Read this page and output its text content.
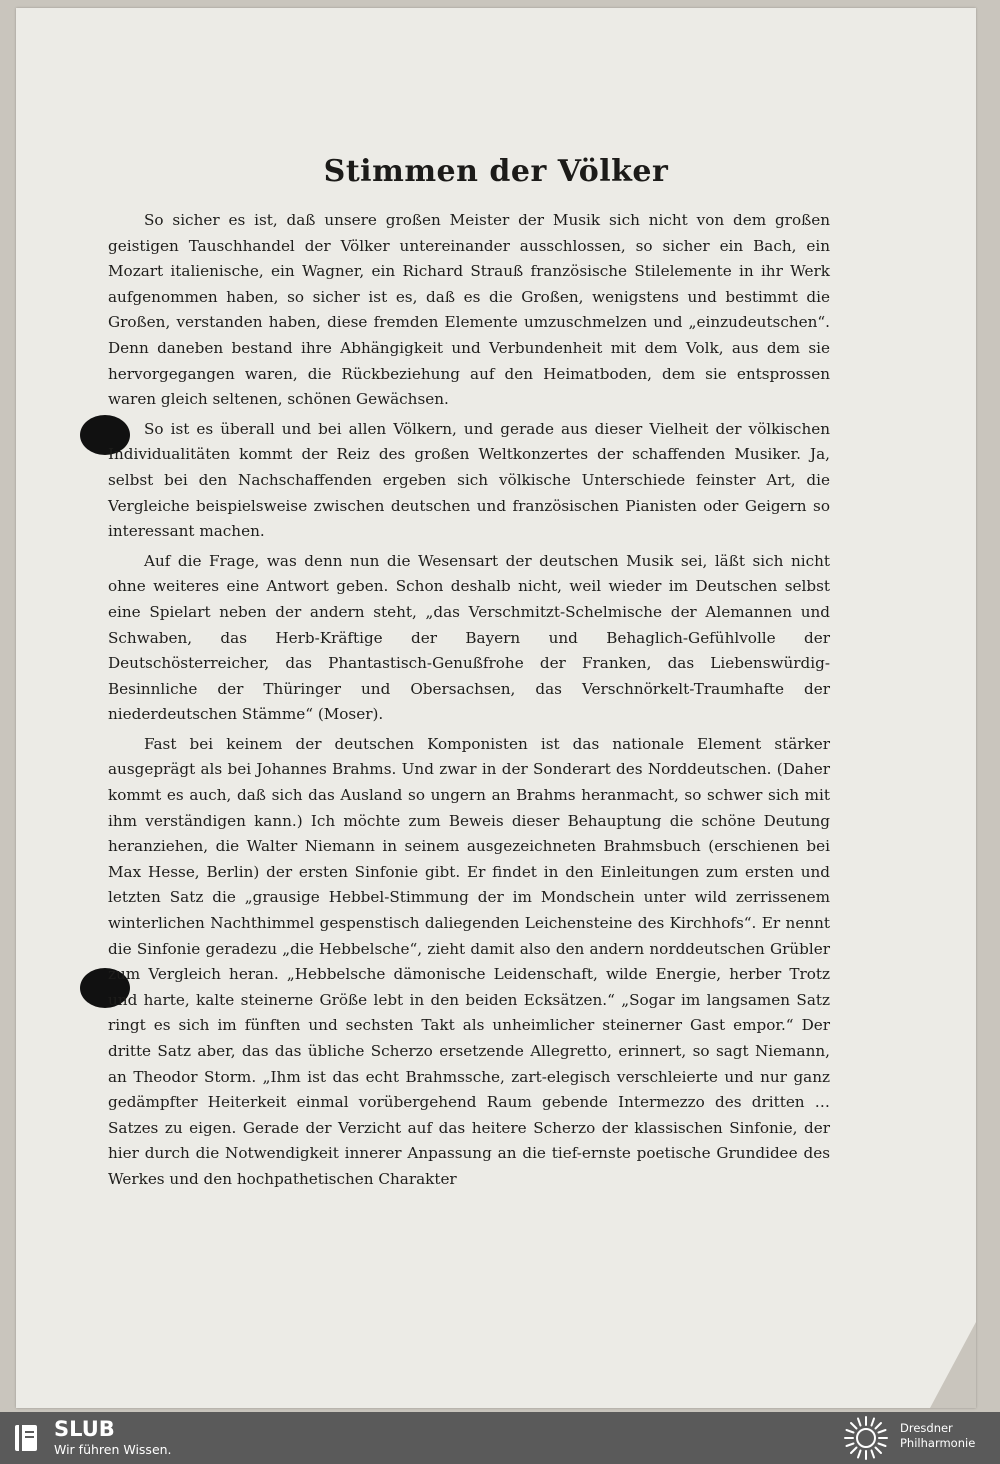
Stimmen der Völker

So sicher es ist, daß unsere großen Meister der Musik sich nicht von dem großen geistigen Tauschhandel der Völker untereinander ausschlossen, so sicher ein Bach, ein Mozart italienische, ein Wagner, ein Richard Strauß französische Stilelemente in ihr Werk aufgenommen haben, so sicher ist es, daß es die Großen, wenigstens und bestimmt die Großen, verstanden haben, diese fremden Elemente umzuschmelzen und „einzudeutschen“. Denn daneben bestand ihre Abhängigkeit und Verbundenheit mit dem Volk, aus dem sie hervorgegangen waren, die Rückbeziehung auf den Heimatboden, dem sie entsprossen waren gleich seltenen, schönen Gewächsen.

So ist es überall und bei allen Völkern, und gerade aus dieser Vielheit der völkischen Individualitäten kommt der Reiz des großen Weltkonzertes der schaffenden Musiker. Ja, selbst bei den Nachschaffenden ergeben sich völkische Unterschiede feinster Art, die Vergleiche beispielsweise zwischen deutschen und französischen Pianisten oder Geigern so interessant machen.

Auf die Frage, was denn nun die Wesensart der deutschen Musik sei, läßt sich nicht ohne weiteres eine Antwort geben. Schon deshalb nicht, weil wieder im Deutschen selbst eine Spielart neben der andern steht, „das Verschmitzt-Schelmische der Alemannen und Schwaben, das Herb-Kräftige der Bayern und Behaglich-Gefühlvolle der Deutschösterreicher, das Phantastisch-Genußfrohe der Franken, das Liebenswürdig-Besinnliche der Thüringer und Obersachsen, das Verschnörkelt-Traumhafte der niederdeutschen Stämme“ (Moser).

Fast bei keinem der deutschen Komponisten ist das nationale Element stärker ausgeprägt als bei Johannes Brahms. Und zwar in der Sonderart des Norddeutschen. (Daher kommt es auch, daß sich das Ausland so ungern an Brahms heranmacht, so schwer sich mit ihm verständigen kann.) Ich möchte zum Beweis dieser Behauptung die schöne Deutung heranziehen, die Walter Niemann in seinem ausgezeichneten Brahmsbuch (erschienen bei Max Hesse, Berlin) der ersten Sinfonie gibt. Er findet in den Einleitungen zum ersten und letzten Satz die „grausige Hebbel-Stimmung der im Mondschein unter wild zerrissenem winterlichen Nachthimmel gespenstisch daliegenden Leichensteine des Kirchhofs“. Er nennt die Sinfonie geradezu „die Hebbelsche“, zieht damit also den andern norddeutschen Grübler zum Vergleich heran. „Hebbelsche dämonische Leidenschaft, wilde Energie, herber Trotz und harte, kalte steinerne Größe lebt in den beiden Ecksätzen.“ „Sogar im langsamen Satz ringt es sich im fünften und sechsten Takt als unheimlicher steinerner Gast empor.“ Der dritte Satz aber, das das übliche Scherzo ersetzende Allegretto, erinnert, so sagt Niemann, an Theodor Storm. „Ihm ist das echt Brahmssche, zart-elegisch verschleierte und nur ganz gedämpfter Heiterkeit einmal vorübergehend Raum gebende Intermezzo des dritten … Satzes zu eigen. Gerade der Verzicht auf das heitere Scherzo der klassischen Sinfonie, der hier durch die Notwendigkeit innerer Anpassung an die tief-ernste poetische Grundidee des Werkes und den hochpathetischen Charakter

SLUB
Wir führen Wissen.
Dresdner
Philharmonie
